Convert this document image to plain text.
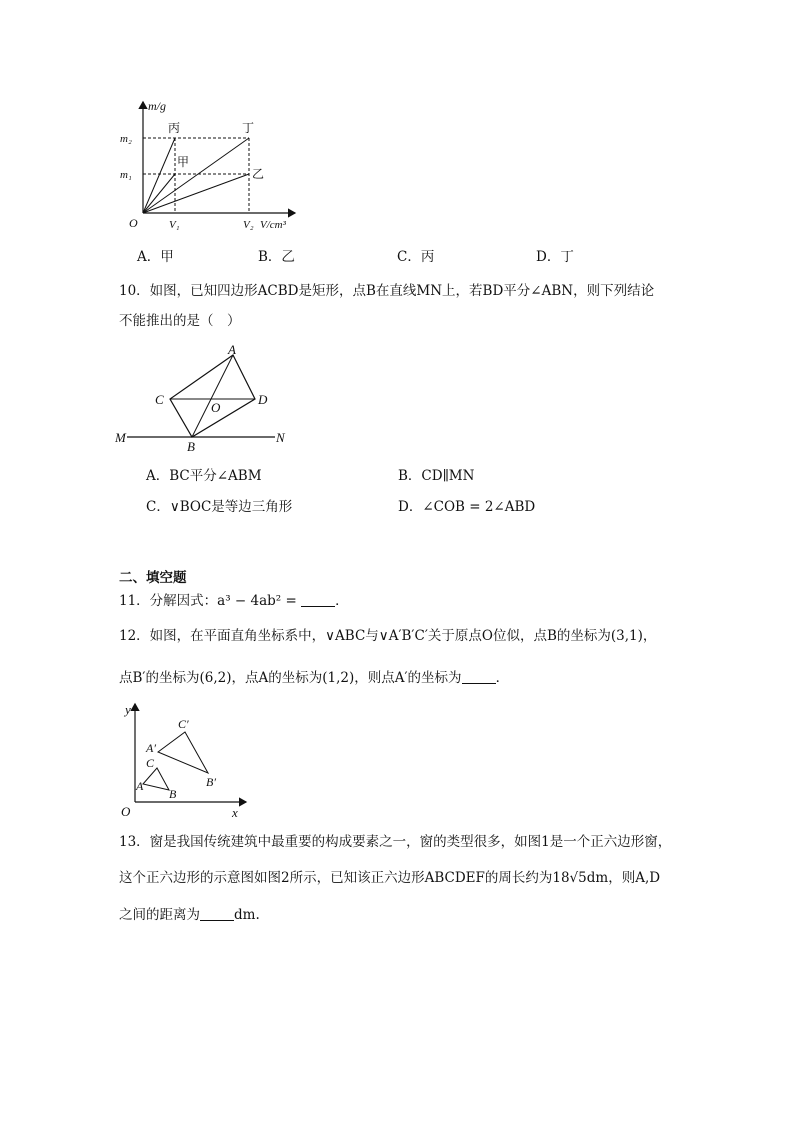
m/g
m₂
m₁
O	V₁	V₂ V/cm³
丙	丁
甲
乙
A．甲	B．乙	C．丙	D．丁
10．如图，已知四边形ACBD是矩形，点B在直线MN上，若BD平分∠ABN，则下列结论
不能推出的是（　）
A
C	D
O
B
M	N
A．BC平分∠ABM	B．CD∥MN
C．∨BOC是等边三角形	D．∠COB = 2∠ABD
二、填空题
11．分解因式：a³ − 4ab² =	．
12．如图，在平面直角坐标系中，∨ABC与∨A′B′C′关于原点O位似，点B的坐标为(3,1)，
点B′的坐标为(6,2)，点A的坐标为(1,2)，则点A′的坐标为	．
y
x
O
A
B
C
A′
B′
C′
13．窗是我国传统建筑中最重要的构成要素之一，窗的类型很多，如图1是一个正六边形窗，
这个正六边形的示意图如图2所示，已知该正六边形ABCDEF的周长约为18√5dm，则A,D
之间的距离为	dm.
